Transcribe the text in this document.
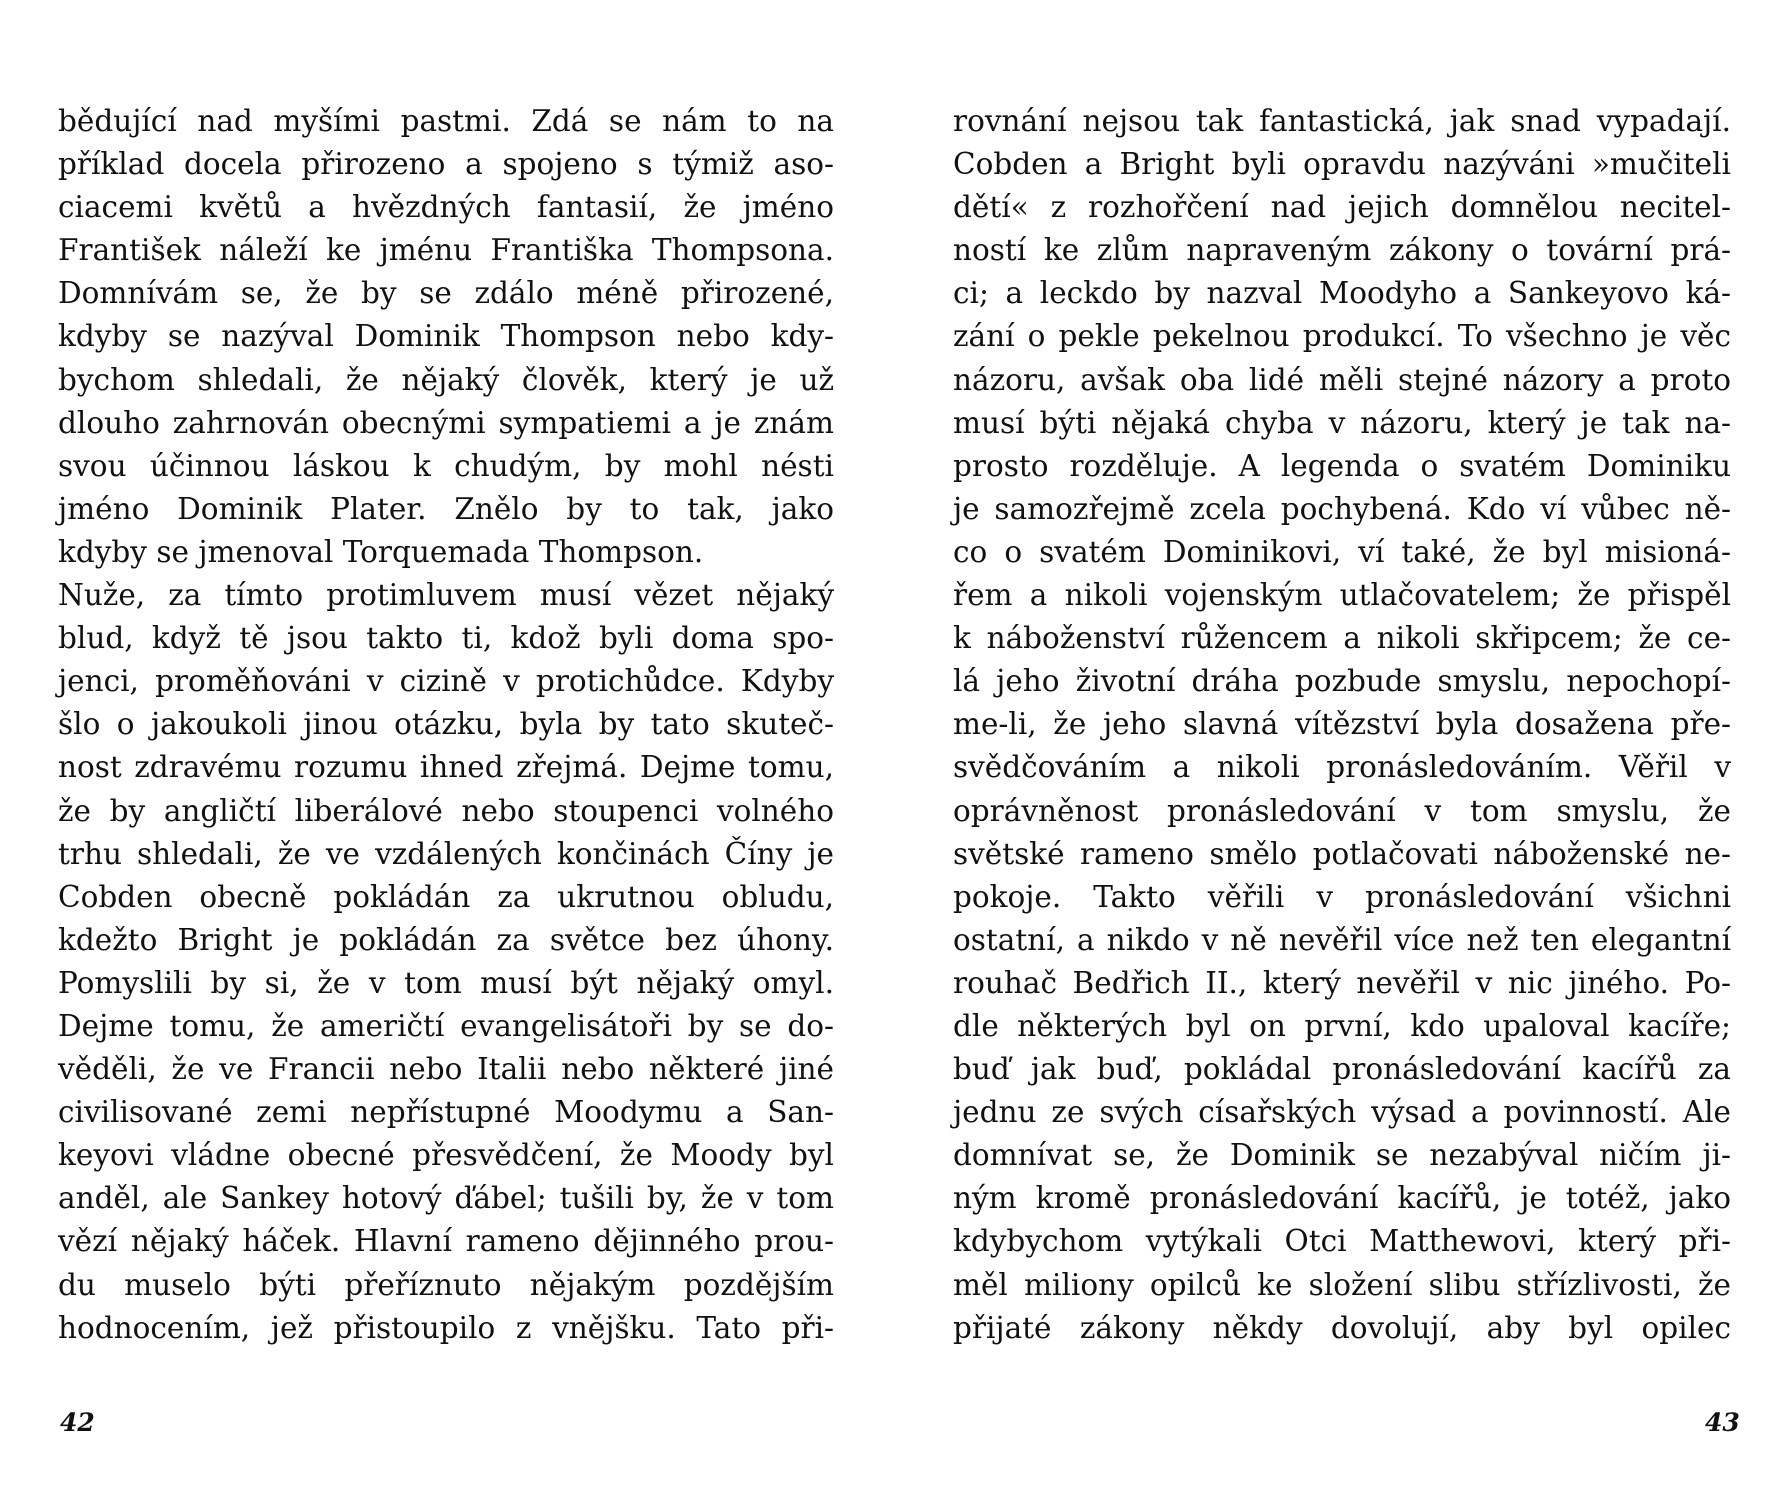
bědující nad myšími pastmi. Zdá se nám to na
příklad docela přirozeno a spojeno s týmiž aso-
ciacemi květů a hvězdných fantasií, že jméno
František náleží ke jménu Františka Thompsona.
Domnívám se, že by se zdálo méně přirozené,
kdyby se nazýval Dominik Thompson nebo kdy-
bychom shledali, že nějaký člověk, který je už
dlouho zahrnován obecnými sympatiemi a je znám
svou účinnou láskou k chudým, by mohl nésti
jméno Dominik Plater. Znělo by to tak, jako
kdyby se jmenoval Torquemada Thompson.
Nuže, za tímto protimluvem musí vězet nějaký
blud, když tě jsou takto ti, kdož byli doma spo-
jenci, proměňováni v cizině v protichůdce. Kdyby
šlo o jakoukoli jinou otázku, byla by tato skuteč-
nost zdravému rozumu ihned zřejmá. Dejme tomu,
že by angličtí liberálové nebo stoupenci volného
trhu shledali, že ve vzdálených končinách Číny je
Cobden obecně pokládán za ukrutnou obludu,
kdežto Bright je pokládán za světce bez úhony.
Pomyslili by si, že v tom musí být nějaký omyl.
Dejme tomu, že američtí evangelisátoři by se do-
věděli, že ve Francii nebo Italii nebo některé jiné
civilisované zemi nepřístupné Moodymu a San-
keyovi vládne obecné přesvědčení, že Moody byl
anděl, ale Sankey hotový ďábel; tušili by, že v tom
vězí nějaký háček. Hlavní rameno dějinného prou-
du muselo býti přeříznuto nějakým pozdějším
hodnocením, jež přistoupilo z vnějšku. Tato při-
42
rovnání nejsou tak fantastická, jak snad vypadají.
Cobden a Bright byli opravdu nazýváni »mučiteli
dětí« z rozhořčení nad jejich domnělou necitel-
ností ke zlům napraveným zákony o tovární prá-
ci; a leckdo by nazval Moodyho a Sankeyovo ká-
zání o pekle pekelnou produkcí. To všechno je věc
názoru, avšak oba lidé měli stejné názory a proto
musí býti nějaká chyba v názoru, který je tak na-
prosto rozděluje. A legenda o svatém Dominiku
je samozřejmě zcela pochybená. Kdo ví vůbec ně-
co o svatém Dominikovi, ví také, že byl misioná-
řem a nikoli vojenským utlačovatelem; že přispěl
k náboženství růžencem a nikoli skřipcem; že ce-
lá jeho životní dráha pozbude smyslu, nepochopí-
me-li, že jeho slavná vítězství byla dosažena pře-
svědčováním a nikoli pronásledováním. Věřil v
oprávněnost pronásledování v tom smyslu, že
světské rameno smělo potlačovati náboženské ne-
pokoje. Takto věřili v pronásledování všichni
ostatní, a nikdo v ně nevěřil více než ten elegantní
rouhač Bedřich II., který nevěřil v nic jiného. Po-
dle některých byl on první, kdo upaloval kacíře;
buď jak buď, pokládal pronásledování kacířů za
jednu ze svých císařských výsad a povinností. Ale
domnívat se, že Dominik se nezabýval ničím ji-
ným kromě pronásledování kacířů, je totéž, jako
kdybychom vytýkali Otci Matthewovi, který při-
měl miliony opilců ke složení slibu střízlivosti, že
přijaté zákony někdy dovolují, aby byl opilec
43
